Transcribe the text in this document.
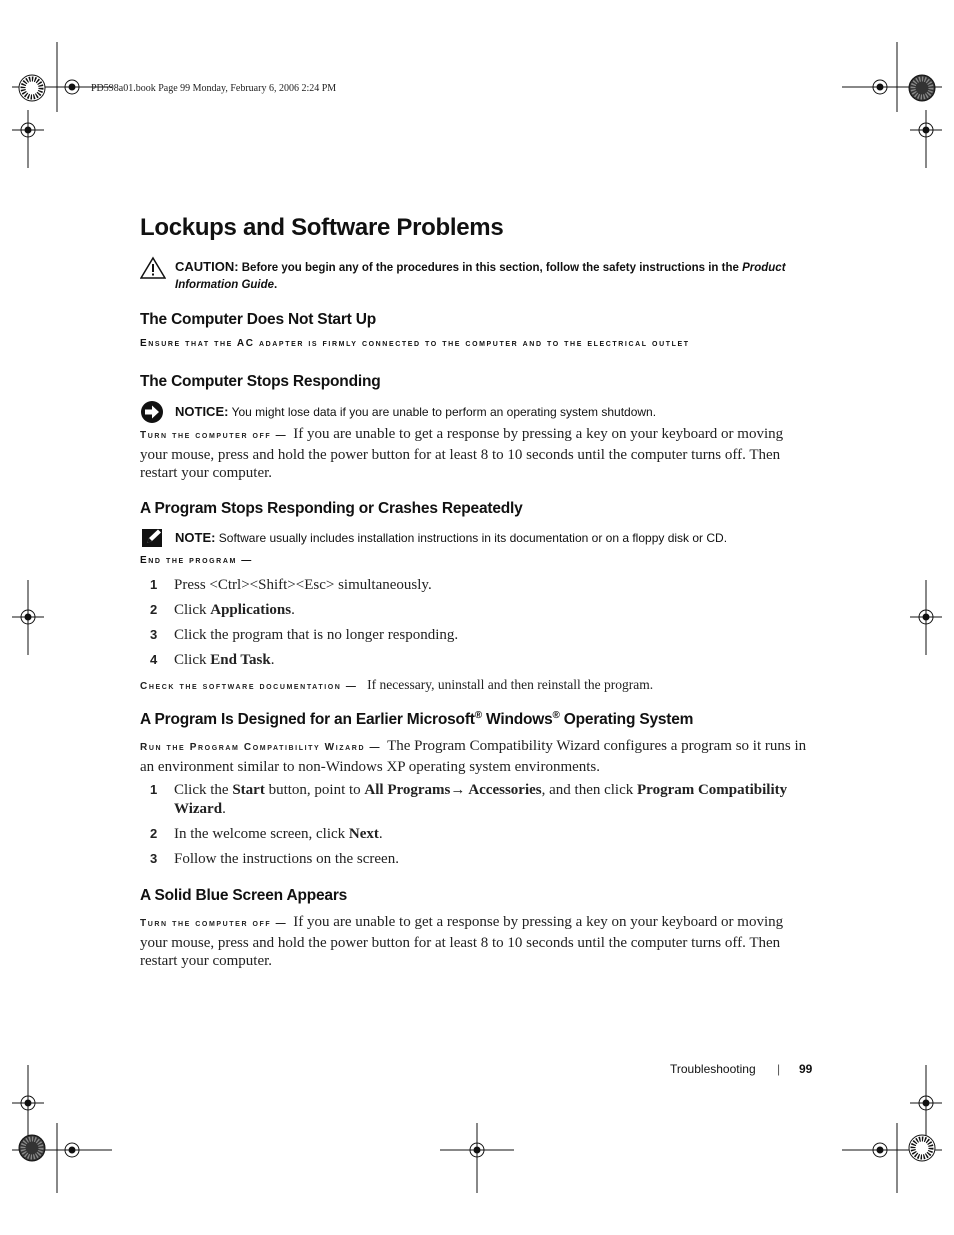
PD598a01.book Page 99 Monday, February 6, 2006 2:24 PM
Lockups and Software Problems
CAUTION: Before you begin any of the procedures in this section, follow the safety instructions in the Product Information Guide.
The Computer Does Not Start Up
Ensure that the AC adapter is firmly connected to the computer and to the electrical outlet
The Computer Stops Responding
NOTICE: You might lose data if you are unable to perform an operating system shutdown.
Turn the computer off — If you are unable to get a response by pressing a key on your keyboard or moving your mouse, press and hold the power button for at least 8 to 10 seconds until the computer turns off. Then restart your computer.
A Program Stops Responding or Crashes Repeatedly
NOTE: Software usually includes installation instructions in its documentation or on a floppy disk or CD.
End the program —
1 Press <Ctrl><Shift><Esc> simultaneously.
2 Click Applications.
3 Click the program that is no longer responding.
4 Click End Task.
Check the software documentation — If necessary, uninstall and then reinstall the program.
A Program Is Designed for an Earlier Microsoft® Windows® Operating System
Run the Program Compatibility Wizard — The Program Compatibility Wizard configures a program so it runs in an environment similar to non-Windows XP operating system environments.
1 Click the Start button, point to All Programs→ Accessories, and then click Program Compatibility Wizard.
2 In the welcome screen, click Next.
3 Follow the instructions on the screen.
A Solid Blue Screen Appears
Turn the computer off — If you are unable to get a response by pressing a key on your keyboard or moving your mouse, press and hold the power button for at least 8 to 10 seconds until the computer turns off. Then restart your computer.
Troubleshooting | 99
